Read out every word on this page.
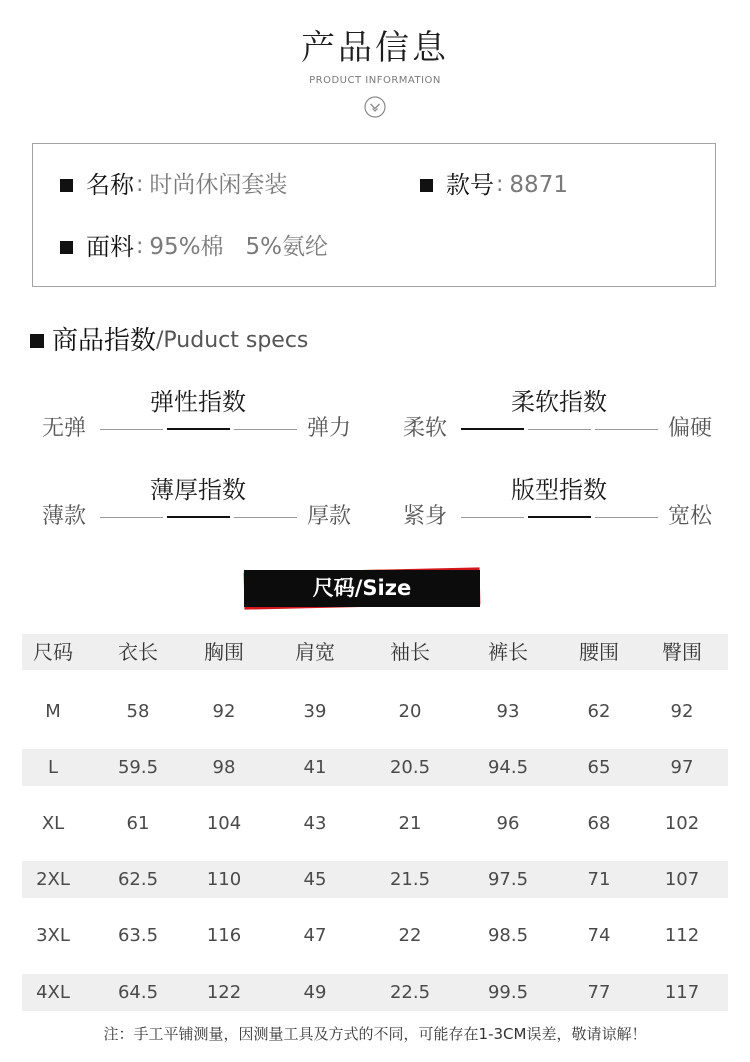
产品信息
PRODUCT INFORMATION
名称 : 时尚休闲套装	款号 : 8871
面料 : 95%棉   5%氨纶
商品指数 /Puduct specs
弹性指数
无弹	弹力
柔软指数
柔软	偏硬
薄厚指数
薄款	厚款
版型指数
紧身	宽松
尺码/Size
尺码	衣长	胸围	肩宽	袖长	裤长	腰围	臀围
M	58	92	39	20	93	62	92
L	59.5	98	41	20.5	94.5	65	97
XL	61	104	43	21	96	68	102
2XL	62.5	110	45	21.5	97.5	71	107
3XL	63.5	116	47	22	98.5	74	112
4XL	64.5	122	49	22.5	99.5	77	117
注：手工平铺测量，因测量工具及方式的不同，可能存在1-3CM误差，敬请谅解！
